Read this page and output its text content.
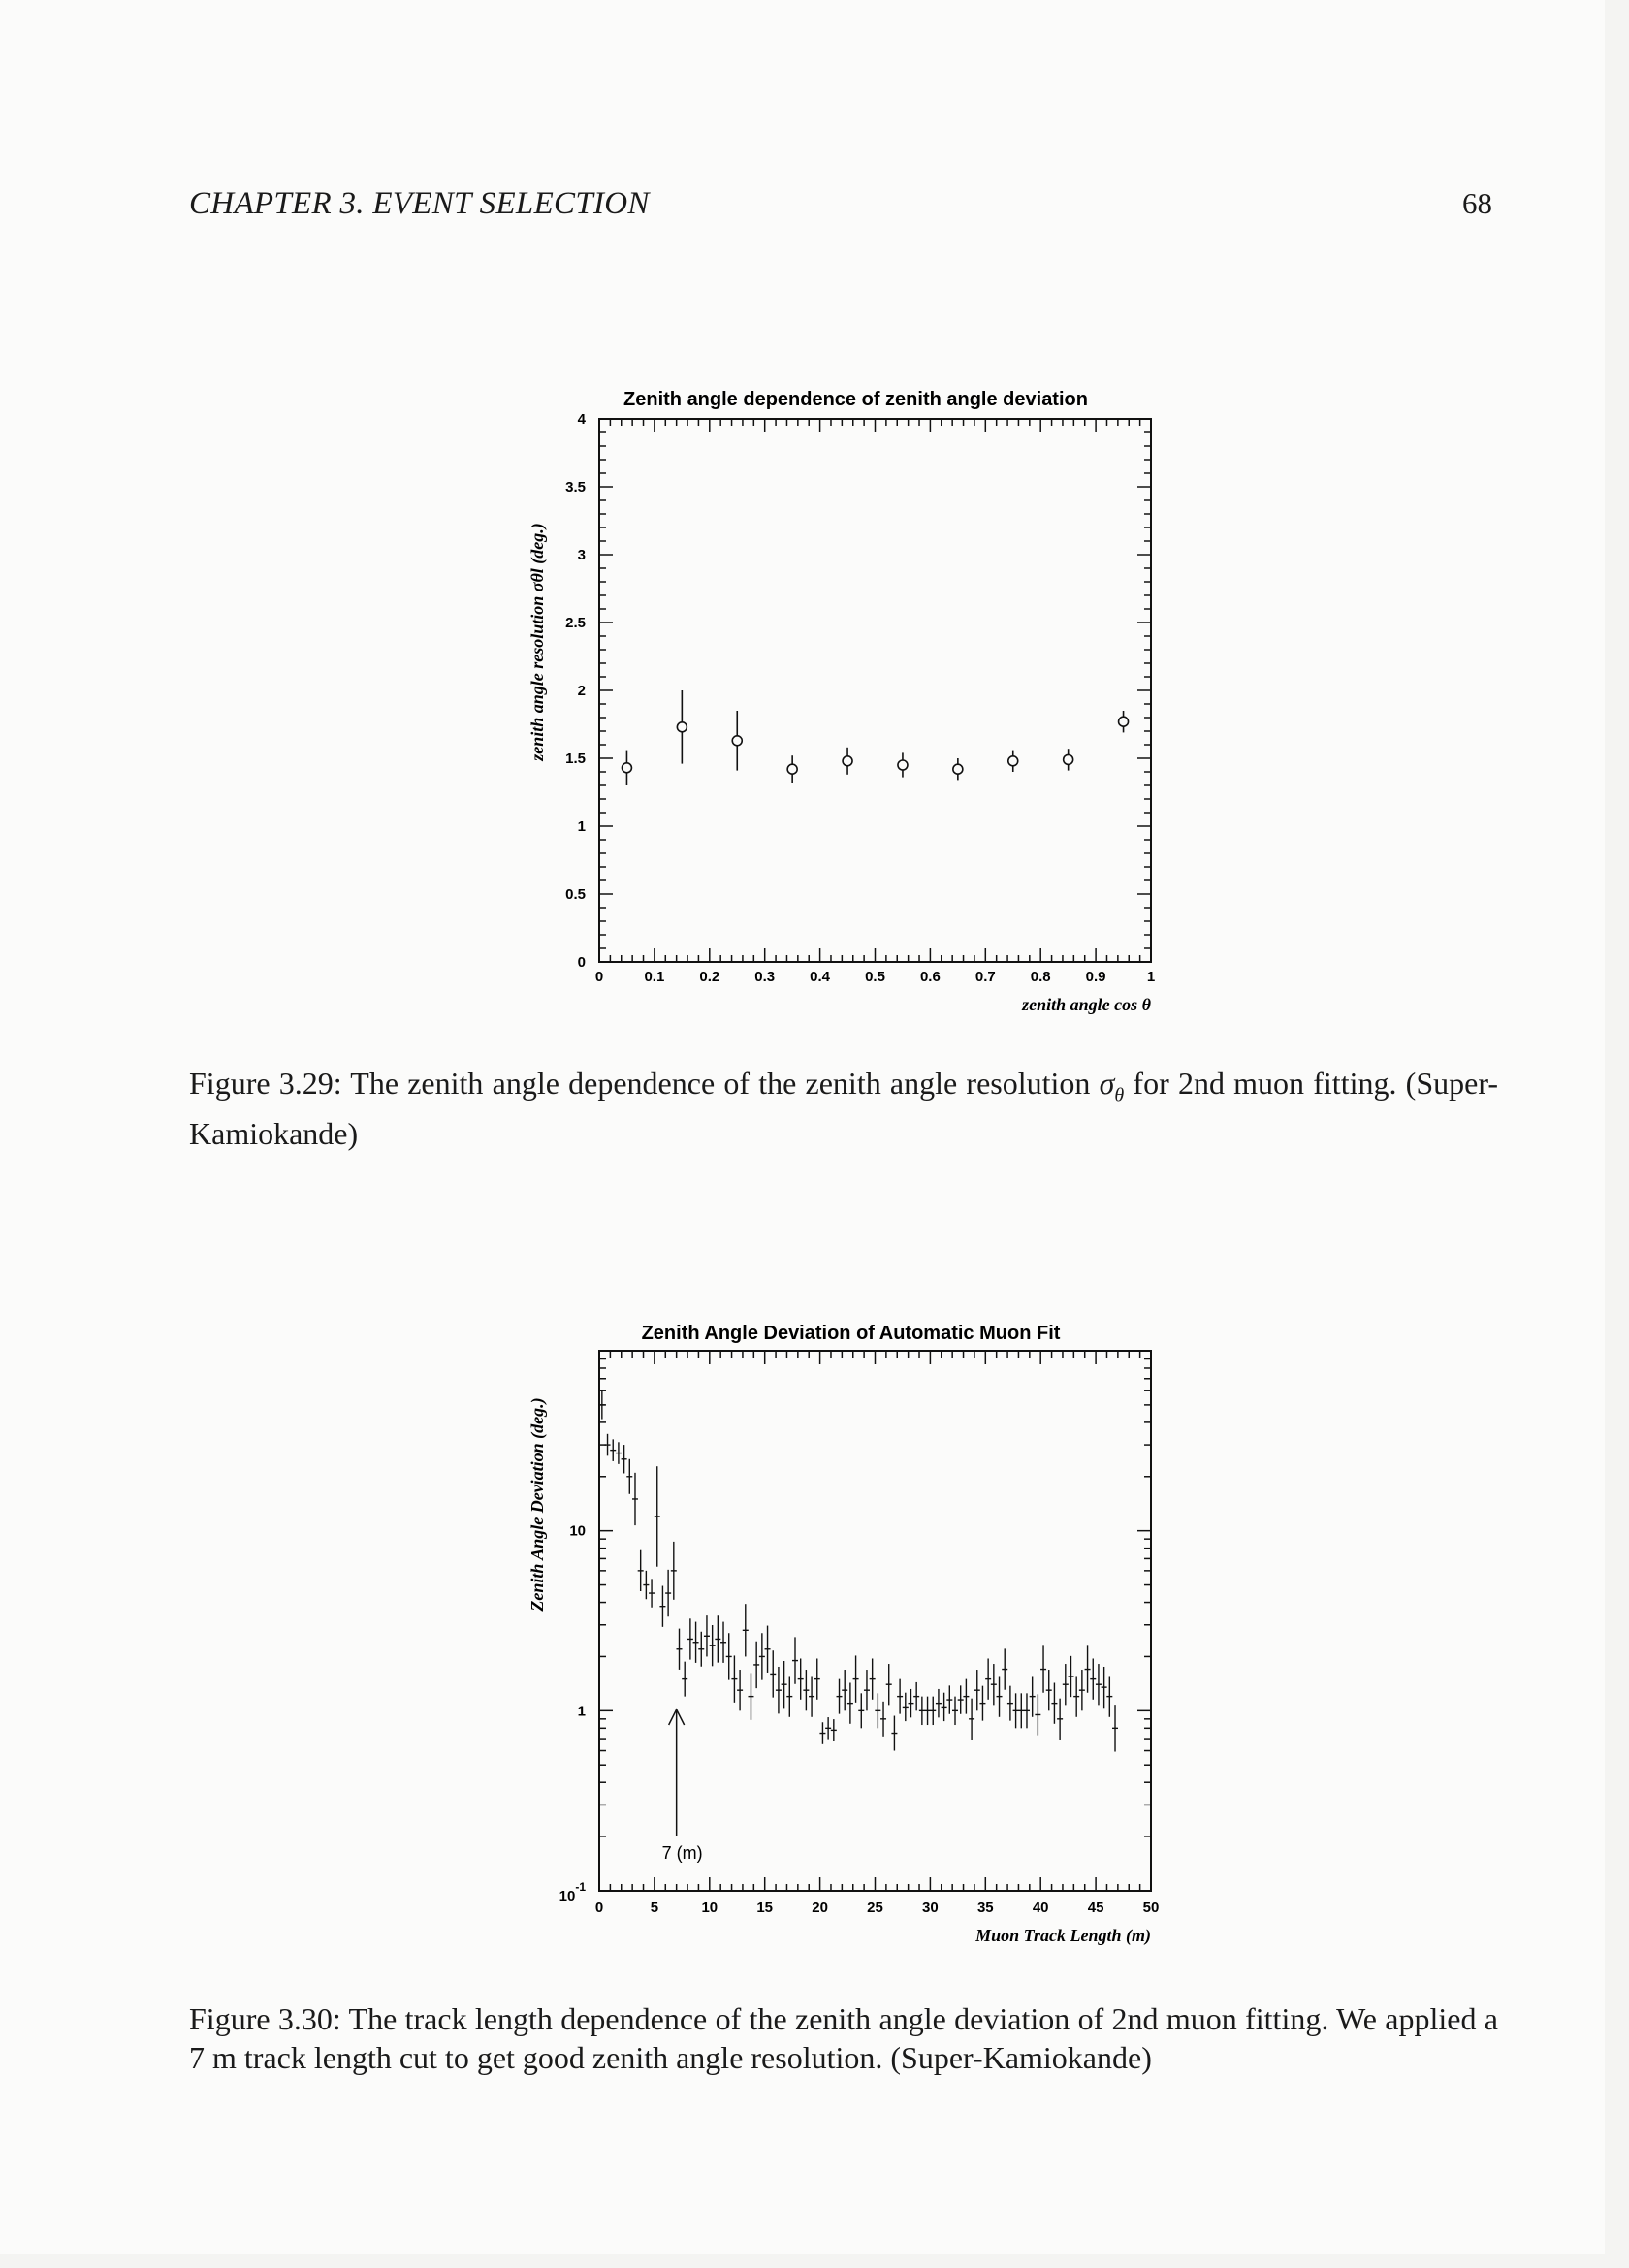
CHAPTER 3. EVENT SELECTION	68
Zenith angle dependence of zenith angle deviation
0	0.1 0.2 0.3 0.4 0.5 0.6 0.7 0.8 0.9	1
0
0.5
1
1.5
2
2.5
3
3.5
4
zenith angle cos θ
zenith angle resolution σθl (deg.)
Figure 3.29: The zenith angle dependence of the zenith angle resolution $\sigma_\theta$ for 2nd muon fitting. (Super-Kamiokande)
Zenith Angle Deviation of Automatic Muon Fit
0	5	10	15	20	25	30	35	40	45	50
10
1
$10^{-1}$
Muon Track Length (m)
Zenith Angle Deviation (deg.)
7 (m)
Figure 3.30: The track length dependence of the zenith angle deviation of 2nd muon fitting. We applied a 7 m track length cut to get good zenith angle resolution. (Super-Kamiokande)
